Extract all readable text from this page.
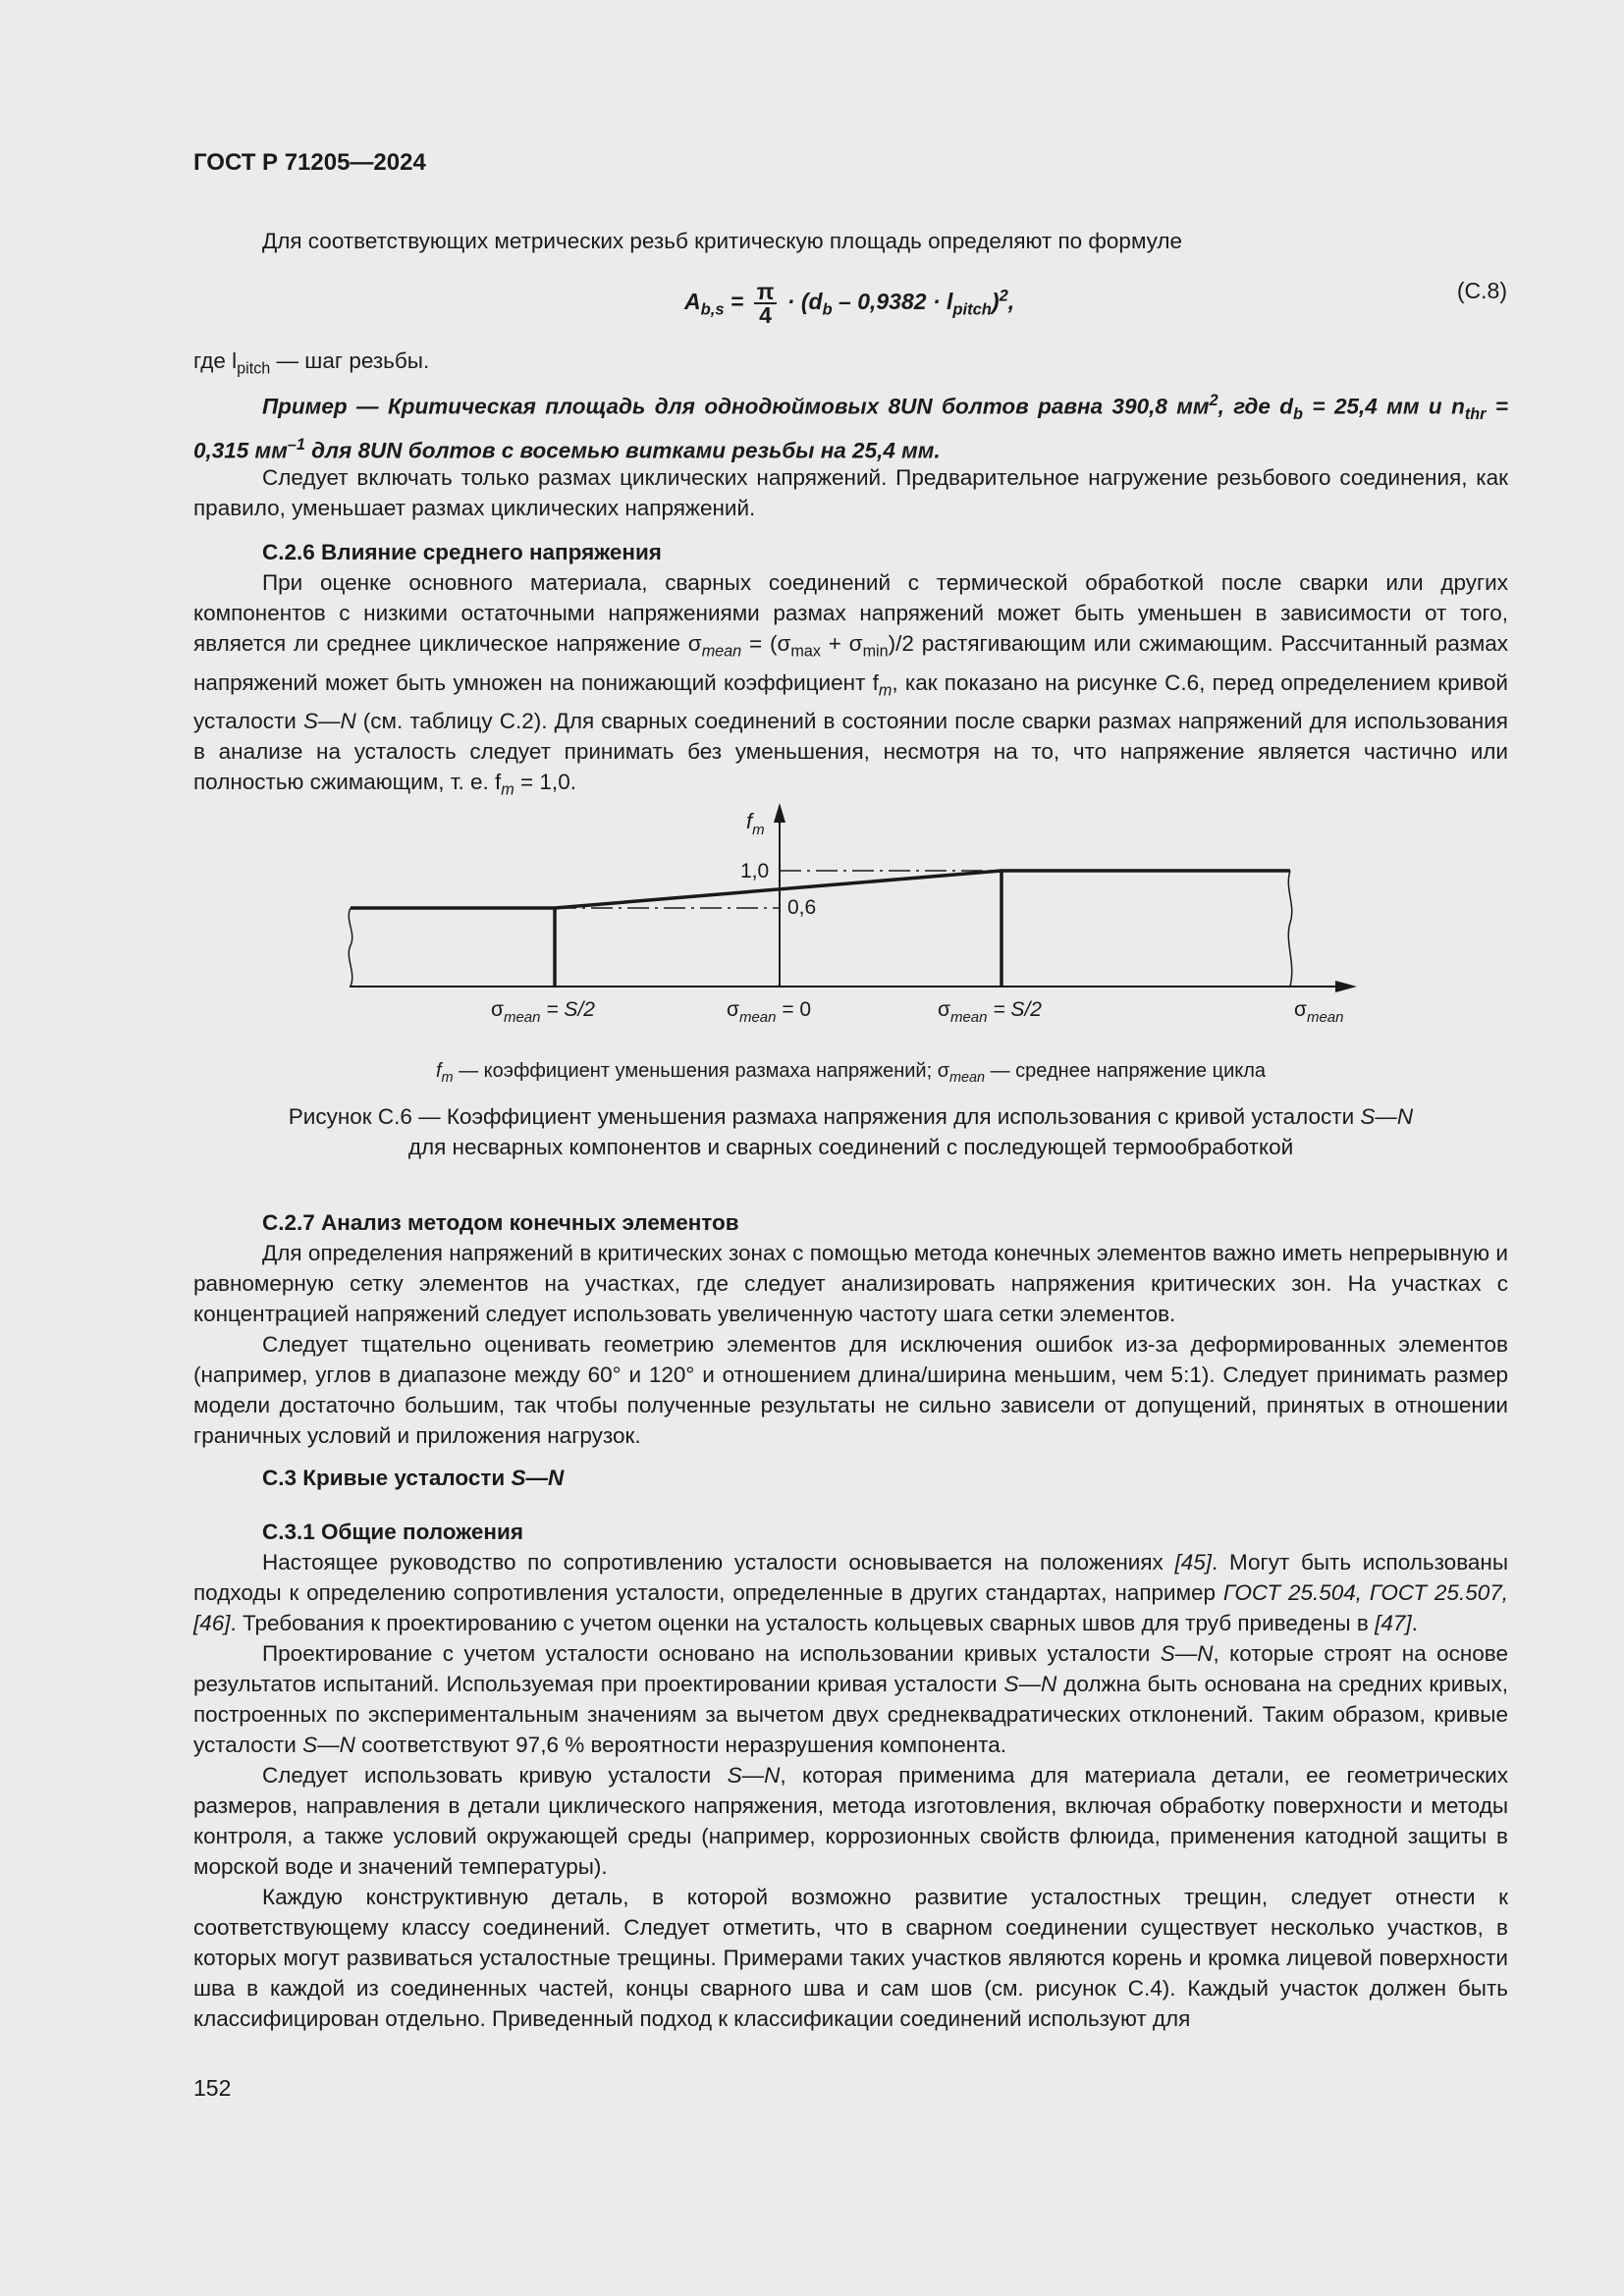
ГОСТ Р 71205—2024

Для соответствующих метрических резьб критическую площадь определяют по формуле

$A_{b,s} = \frac{\pi}{4} \cdot (d_b - 0,9382 \cdot l_{pitch})^2$,	(С.8)

где $l_{pitch}$ — шаг резьбы.

Пример — Критическая площадь для однодюймовых 8UN болтов равна 390,8 $мм^2$, где $d_b = 25,4$ мм и $n_{thr} = 0,315$ $мм^{-1}$ для 8UN болтов с восемью витками резьбы на 25,4 мм.

Следует включать только размах циклических напряжений. Предварительное нагружение резьбового соединения, как правило, уменьшает размах циклических напряжений.

С.2.6 Влияние среднего напряжения

При оценке основного материала, сварных соединений с термической обработкой после сварки или других компонентов с низкими остаточными напряжениями размах напряжений может быть уменьшен в зависимости от того, является ли среднее циклическое напряжение $\sigma_{mean} = (\sigma_{max} + \sigma_{min})/2$ растягивающим или сжимающим. Рассчитанный размах напряжений может быть умножен на понижающий коэффициент $f_m$, как показано на рисунке С.6, перед определением кривой усталости S—N (см. таблицу С.2). Для сварных соединений в состоянии после сварки размах напряжений для использования в анализе на усталость следует принимать без уменьшения, несмотря на то, что напряжение является частично или полностью сжимающим, т. е. $f_m = 1,0$.

$f_m$
1,0
0,6
$\sigma_{mean} = S/2$	$\sigma_{mean} = 0$	$\sigma_{mean} = S/2$	$\sigma_{mean}$
$f_m$ — коэффициент уменьшения размаха напряжений; $\sigma_{mean}$ — среднее напряжение цикла

Рисунок С.6 — Коэффициент уменьшения размаха напряжения для использования с кривой усталости S—N

для несварных компонентов и сварных соединений с последующей термообработкой

С.2.7 Анализ методом конечных элементов

Для определения напряжений в критических зонах с помощью метода конечных элементов важно иметь непрерывную и равномерную сетку элементов на участках, где следует анализировать напряжения критических зон. На участках с концентрацией напряжений следует использовать увеличенную частоту шага сетки элементов.

Следует тщательно оценивать геометрию элементов для исключения ошибок из-за деформированных элементов (например, углов в диапазоне между 60° и 120° и отношением длина/ширина меньшим, чем 5:1). Следует принимать размер модели достаточно большим, так чтобы полученные результаты не сильно зависели от допущений, принятых в отношении граничных условий и приложения нагрузок.

С.3 Кривые усталости S—N

С.3.1 Общие положения

Настоящее руководство по сопротивлению усталости основывается на положениях [45]. Могут быть использованы подходы к определению сопротивления усталости, определенные в других стандартах, например ГОСТ 25.504, ГОСТ 25.507, [46]. Требования к проектированию с учетом оценки на усталость кольцевых сварных швов для труб приведены в [47].

Проектирование с учетом усталости основано на использовании кривых усталости S—N, которые строят на основе результатов испытаний. Используемая при проектировании кривая усталости S—N должна быть основана на средних кривых, построенных по экспериментальным значениям за вычетом двух среднеквадратических отклонений. Таким образом, кривые усталости S—N соответствуют 97,6 % вероятности неразрушения компонента.

Следует использовать кривую усталости S—N, которая применима для материала детали, ее геометрических размеров, направления в детали циклического напряжения, метода изготовления, включая обработку поверхности и методы контроля, а также условий окружающей среды (например, коррозионных свойств флюида, применения катодной защиты в морской воде и значений температуры).

Каждую конструктивную деталь, в которой возможно развитие усталостных трещин, следует отнести к соответствующему классу соединений. Следует отметить, что в сварном соединении существует несколько участков, в которых могут развиваться усталостные трещины. Примерами таких участков являются корень и кромка лицевой поверхности шва в каждой из соединенных частей, концы сварного шва и сам шов (см. рисунок С.4). Каждый участок должен быть классифицирован отдельно. Приведенный подход к классификации соединений используют для

152
